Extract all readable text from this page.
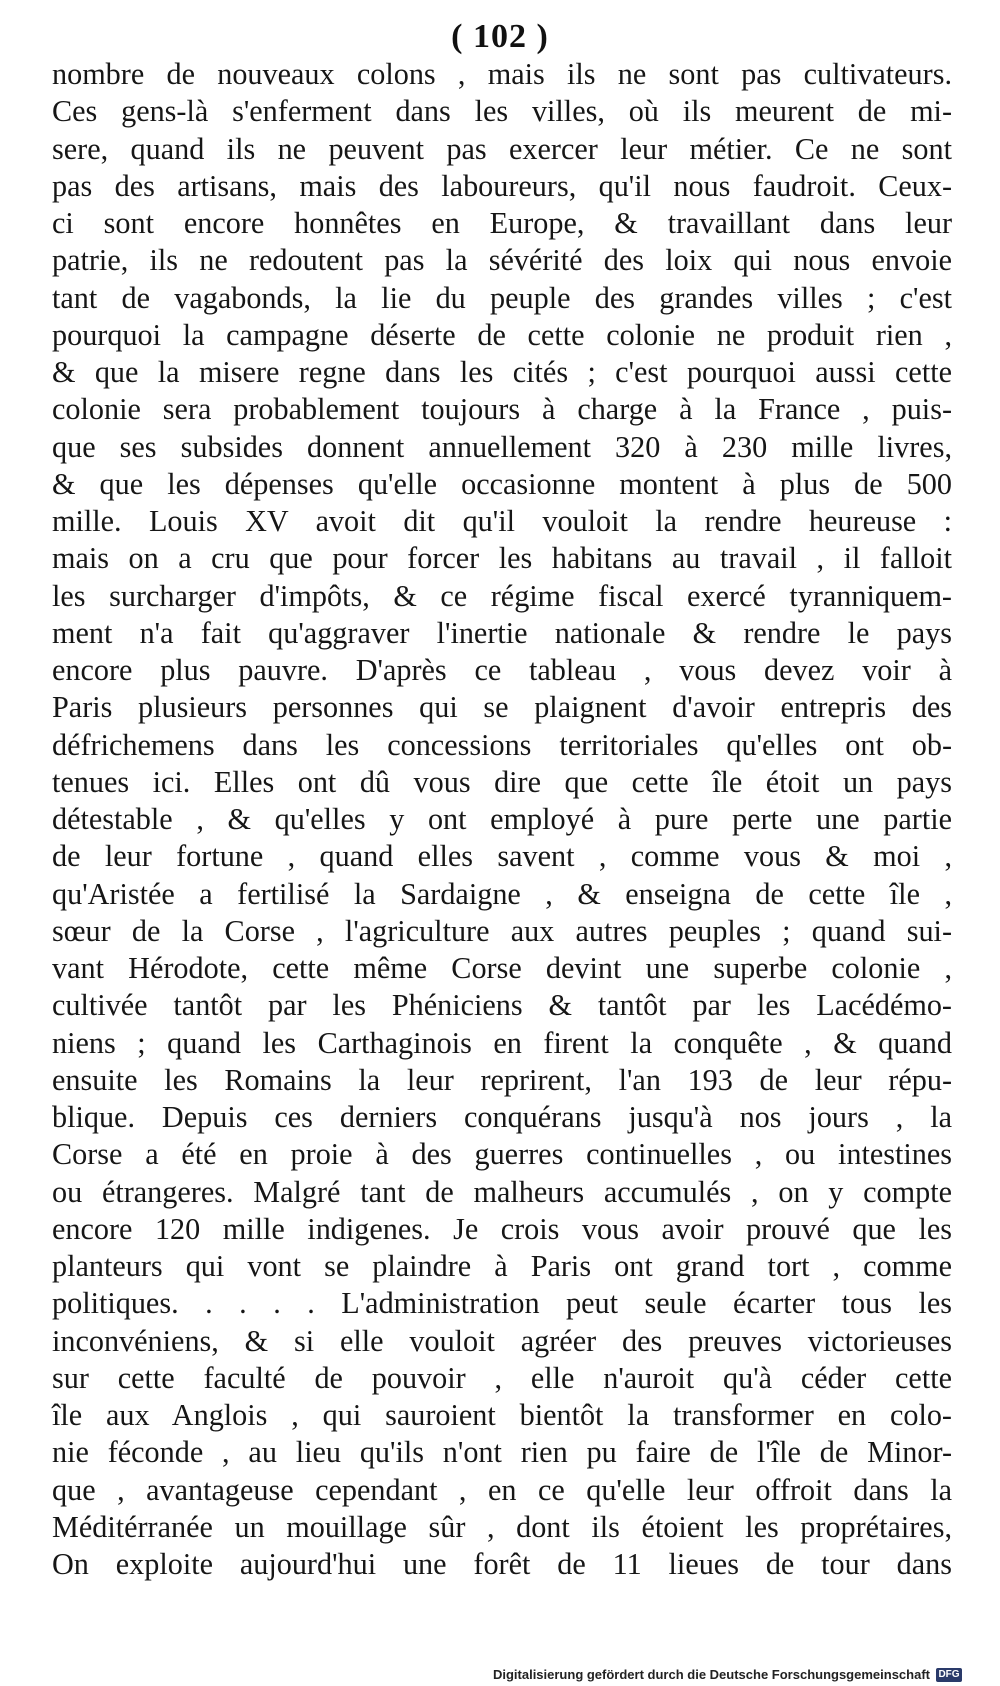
( 102 )
nombre de nouveaux colons , mais ils ne sont pas cultivateurs.
Ces gens-là s'enferment dans les villes, où ils meurent de mi-
sere, quand ils ne peuvent pas exercer leur métier. Ce ne sont
pas des artisans, mais des laboureurs, qu'il nous faudroit. Ceux-
ci sont encore honnêtes en Europe, & travaillant dans leur
patrie, ils ne redoutent pas la sévérité des loix qui nous envoie
tant de vagabonds, la lie du peuple des grandes villes ; c'est
pourquoi la campagne déserte de cette colonie ne produit rien ,
& que la misere regne dans les cités ; c'est pourquoi aussi cette
colonie sera probablement toujours à charge à la France , puis-
que ses subsides donnent annuellement 320 à 230 mille livres,
& que les dépenses qu'elle occasionne montent à plus de 500
mille. Louis XV avoit dit qu'il vouloit la rendre heureuse :
mais on a cru que pour forcer les habitans au travail , il falloit
les surcharger d'impôts, & ce régime fiscal exercé tyranniquem-
ment n'a fait qu'aggraver l'inertie nationale & rendre le pays
encore plus pauvre. D'après ce tableau , vous devez voir à
Paris plusieurs personnes qui se plaignent d'avoir entrepris des
défrichemens dans les concessions territoriales qu'elles ont ob-
tenues ici. Elles ont dû vous dire que cette île étoit un pays
détestable , & qu'elles y ont employé à pure perte une partie
de leur fortune , quand elles savent , comme vous & moi ,
qu'Aristée a fertilisé la Sardaigne , & enseigna de cette île ,
sœur de la Corse , l'agriculture aux autres peuples ; quand sui-
vant Hérodote, cette même Corse devint une superbe colonie ,
cultivée tantôt par les Phéniciens & tantôt par les Lacédémo-
niens ; quand les Carthaginois en firent la conquête , & quand
ensuite les Romains la leur reprirent, l'an 193 de leur répu-
blique. Depuis ces derniers conquérans jusqu'à nos jours , la
Corse a été en proie à des guerres continuelles , ou intestines
ou étrangeres. Malgré tant de malheurs accumulés , on y compte
encore 120 mille indigenes. Je crois vous avoir prouvé que les
planteurs qui vont se plaindre à Paris ont grand tort , comme
politiques. . . . . L'administration peut seule écarter tous les
inconvéniens, & si elle vouloit agréer des preuves victorieuses
sur cette faculté de pouvoir , elle n'auroit qu'à céder cette
île aux Anglois , qui sauroient bientôt la transformer en colo-
nie féconde , au lieu qu'ils n'ont rien pu faire de l'île de Minor-
que , avantageuse cependant , en ce qu'elle leur offroit dans la
Méditérranée un mouillage sûr , dont ils étoient les proprétaires,
On exploite aujourd'hui une forêt de 11 lieues de tour dans
Digitalisierung gefördert durch die Deutsche Forschungsgemeinschaft DFG
